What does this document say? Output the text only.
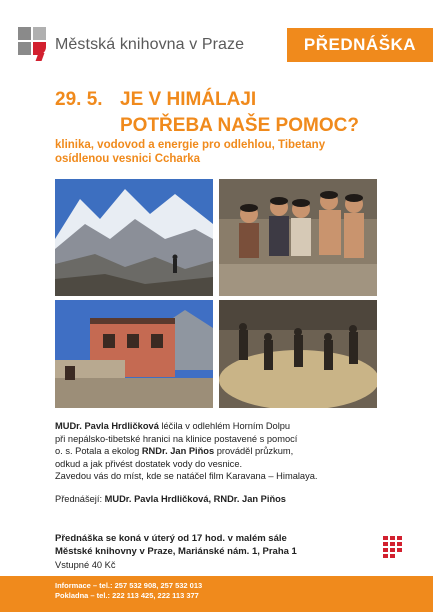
Městská knihovna v Praze	PŘEDNÁŠKA
29. 5. JE V HIMÁLAJI
POTŘEBA NAŠE POMOC?
klinika, vodovod a energie pro odlehlou, Tibetany osídlenou vesnici Ccharka
MUDr. Pavla Hrdličková léčila v odlehlém Horním Dolpu
při nepálsko-tibetské hranici na klinice postavené s pomocí
o. s. Potala a ekolog RNDr. Jan Piňos prováděl průzkum,
odkud a jak přivést dostatek vody do vesnice.
Zavedou vás do míst, kde se natáčel film Karavana – Himalaya.
Přednášejí: MUDr. Pavla Hrdličková, RNDr. Jan Piňos
Přednáška se koná v úterý od 17 hod. v malém sále
Městské knihovny v Praze, Mariánské nám. 1, Praha 1
Vstupné 40 Kč
Informace – tel.: 257 532 908, 257 532 013
Pokladna – tel.: 222 113 425, 222 113 377
